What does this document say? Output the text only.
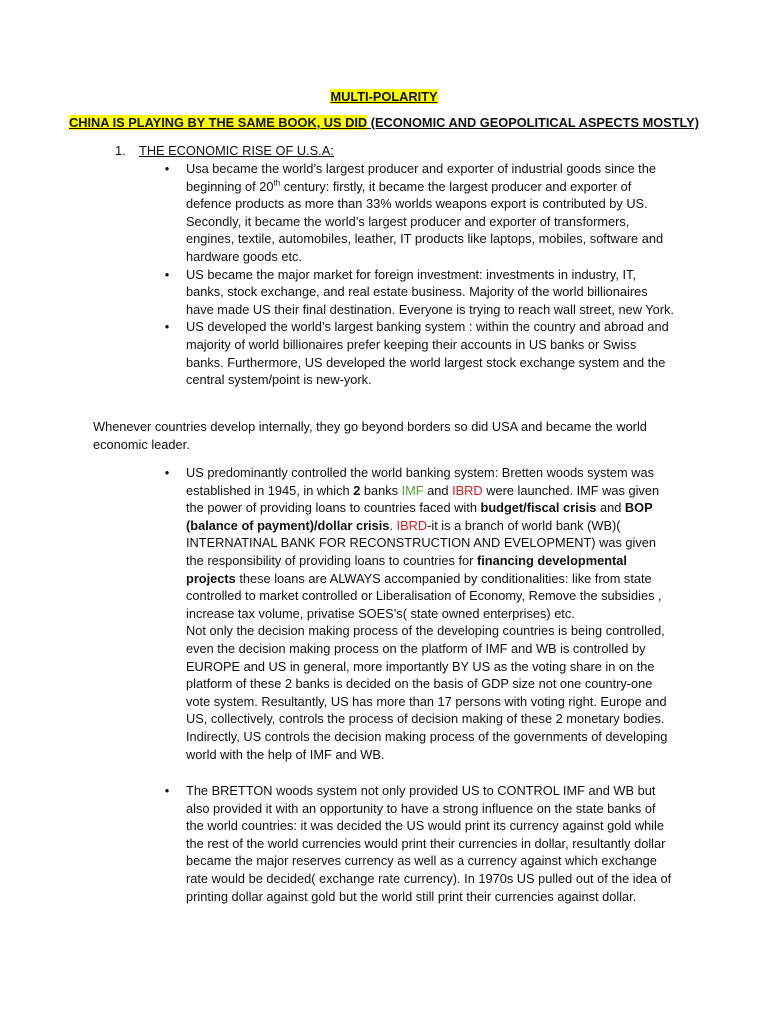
MULTI-POLARITY
CHINA IS PLAYING BY THE SAME BOOK, US DID (ECONOMIC AND GEOPOLITICAL ASPECTS MOSTLY)
1. THE ECONOMIC RISE OF U.S.A:
• Usa became the world’s largest producer and exporter of industrial goods since the beginning of 20th century: firstly, it became the largest producer and exporter of defence products as more than 33% worlds weapons export is contributed by US. Secondly, it became the world’s largest producer and exporter of transformers, engines, textile, automobiles, leather, IT products like laptops, mobiles, software and hardware goods etc.
• US became the major market for foreign investment: investments in industry, IT, banks, stock exchange, and real estate business. Majority of the world billionaires have made US their final destination. Everyone is trying to reach wall street, new York.
• US developed the world’s largest banking system : within the country and abroad and majority of world billionaires prefer keeping their accounts in US banks or Swiss banks. Furthermore, US developed the world largest stock exchange system and the central system/point is new-york.
Whenever countries develop internally, they go beyond borders so did USA and became the world economic leader.
• US predominantly controlled the world banking system: Bretten woods system was established in 1945, in which 2 banks IMF and IBRD were launched. IMF was given the power of providing loans to countries faced with budget/fiscal crisis and BOP (balance of payment)/dollar crisis. IBRD-it is a branch of world bank (WB)( INTERNATINAL BANK FOR RECONSTRUCTION AND EVELOPMENT) was given the responsibility of providing loans to countries for financing developmental projects these loans are ALWAYS accompanied by conditionalities: like from state controlled to market controlled or Liberalisation of Economy, Remove the subsidies , increase tax volume, privatise SOES’s( state owned enterprises) etc.
Not only the decision making process of the developing countries is being controlled, even the decision making process on the platform of IMF and WB is controlled by EUROPE and US in general, more importantly BY US as the voting share in on the platform of these 2 banks is decided on the basis of GDP size not one country-one vote system. Resultantly, US has more than 17 persons with voting right. Europe and US, collectively, controls the process of decision making of these 2 monetary bodies. Indirectly, US controls the decision making process of the governments of developing world with the help of IMF and WB.
• The BRETTON woods system not only provided US to CONTROL IMF and WB but also provided it with an opportunity to have a strong influence on the state banks of the world countries: it was decided the US would print its currency against gold while the rest of the world currencies would print their currencies in dollar, resultantly dollar became the major reserves currency as well as a currency against which exchange rate would be decided( exchange rate currency). In 1970s US pulled out of the idea of printing dollar against gold but the world still print their currencies against dollar.
